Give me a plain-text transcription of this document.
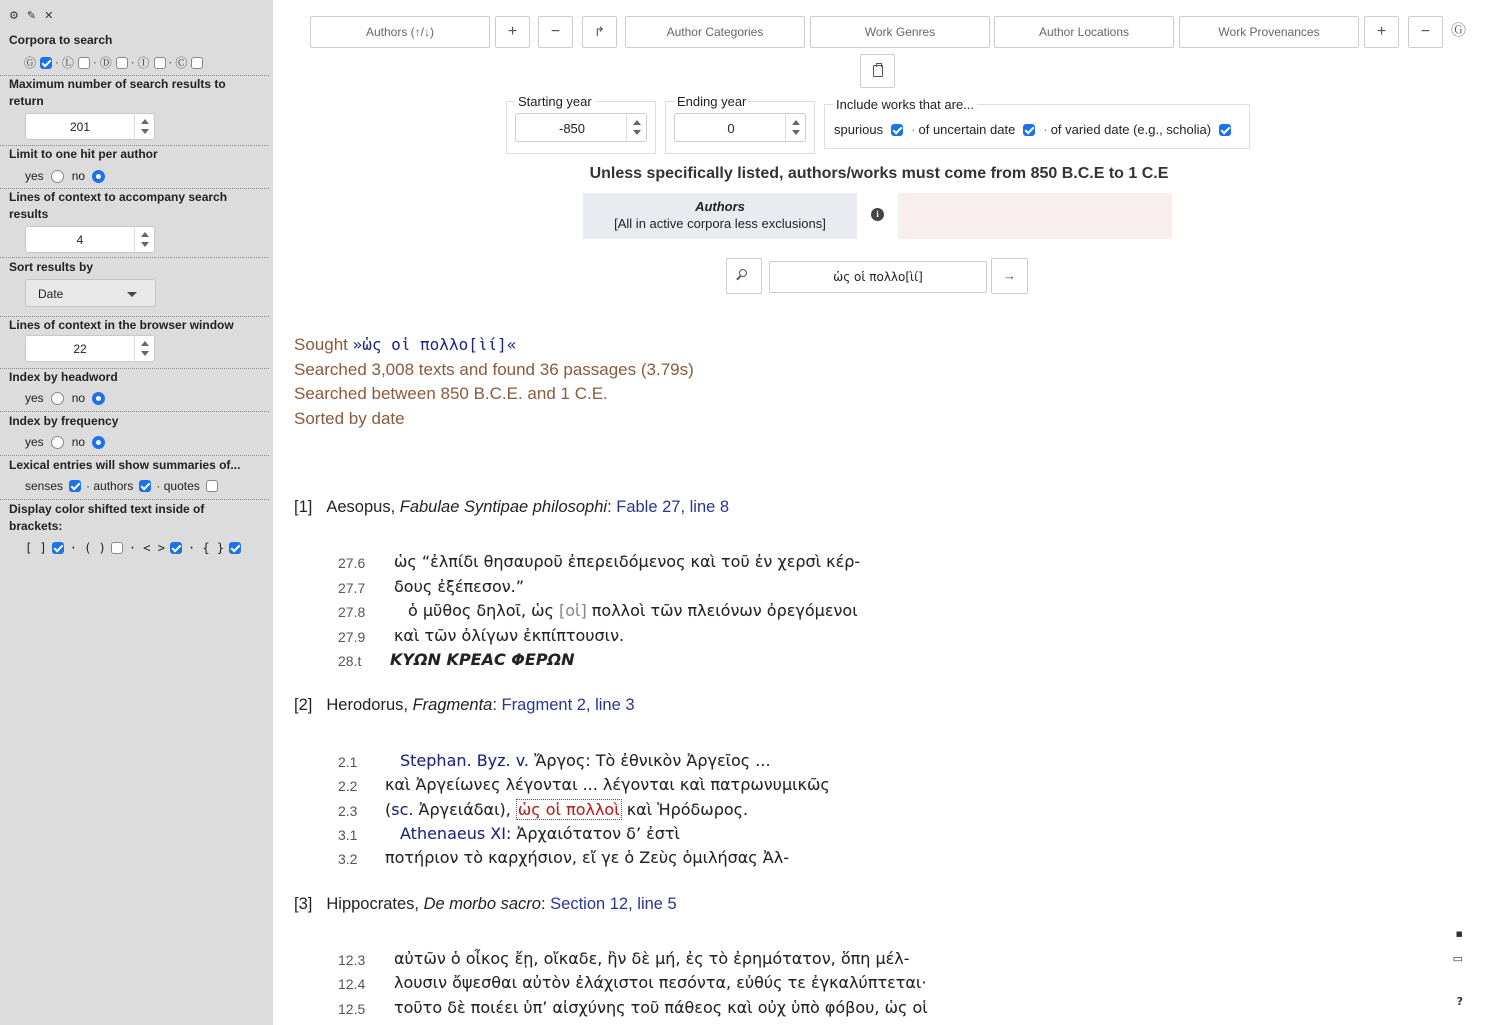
⚙ ✎ ✕
Corpora to search
Ⓖ · Ⓛ · Ⓓ · Ⓘ · Ⓒ
Maximum number of search results to return
201
Limit to one hit per author
yes no
Lines of context to accompany search results
4
Sort results by
Date
Lines of context in the browser window
22
Index by headword
yes no
Index by frequency
yes no
Lexical entries will show summaries of...
senses · authors · quotes
Display color shifted text inside of brackets:
[ ] · ( ) · < > · { }
Authors (↑/↓)	+	−	↱	Author Categories	Work Genres	Author Locations	Work Provenances	+	−	Ⓖ
Starting year
-850
Ending year
0
Include works that are...
spurious · of uncertain date · of varied date (e.g., scholia)
Unless specifically listed, authors/works must come from 850 B.C.E to 1 C.E
Authors
[All in active corpora less exclusions]
i
ὡς οἱ πολλο[ὶί]	→
Sought »ὡς οἱ πολλο[ὶί]«
Searched 3,008 texts and found 36 passages (3.79s)
Searched between 850 B.C.E. and 1 C.E.
Sorted by date
[1] Aesopus, Fabulae Syntipae philosophi: Fable 27, line 8
27.6 ὡς “ἐλπίδι θησαυροῦ ἐπερειδόμενος καὶ τοῦ ἐν χερσὶ κέρ-
27.7 δους ἐξέπεσον.”
27.8	ὁ μῦθος δηλοῖ, ὡς [οἱ] πολλοὶ τῶν πλειόνων ὀρεγόμενοι
27.9 καὶ τῶν ὀλίγων ἐκπίπτουσιν.
28.t ΚΥΩΝ ΚΡΕΑC ΦΕΡΩΝ
[2] Herodorus, Fragmenta: Fragment 2, line 3
2.1	Stephan. Byz. v. Ἄργος: Τὸ ἐθνικὸν Ἀργεῖος ...
2.2 καὶ Ἀργείωνες λέγονται ... λέγονται καὶ πατρωνυμικῶς
2.3 (sc. Ἀργειάδαι), ὡς οἱ πολλοὶ καὶ Ἡρόδωρος.
3.1	Athenaeus XI: Ἀρχαιότατον δ’ ἐστὶ
3.2 ποτήριον τὸ καρχήσιον, εἴ γε ὁ Ζεὺς ὁμιλήσας Ἀλ-
[3] Hippocrates, De morbo sacro: Section 12, line 5
12.3 αὐτῶν ὁ οἶκος ἔῃ, οἴκαδε, ἢν δὲ μή, ἐς τὸ ἐρημότατον, ὅπη μέλ-
12.4 λουσιν ὄψεσθαι αὐτὸν ἐλάχιστοι πεσόντα, εὐθύς τε ἐγκαλύπτεται·
12.5 τοῦτο δὲ ποιέει ὑπ’ αἰσχύνης τοῦ πάθεος καὶ οὐχ ὑπὸ φόβου, ὡς οἱ
▪
▭
?
